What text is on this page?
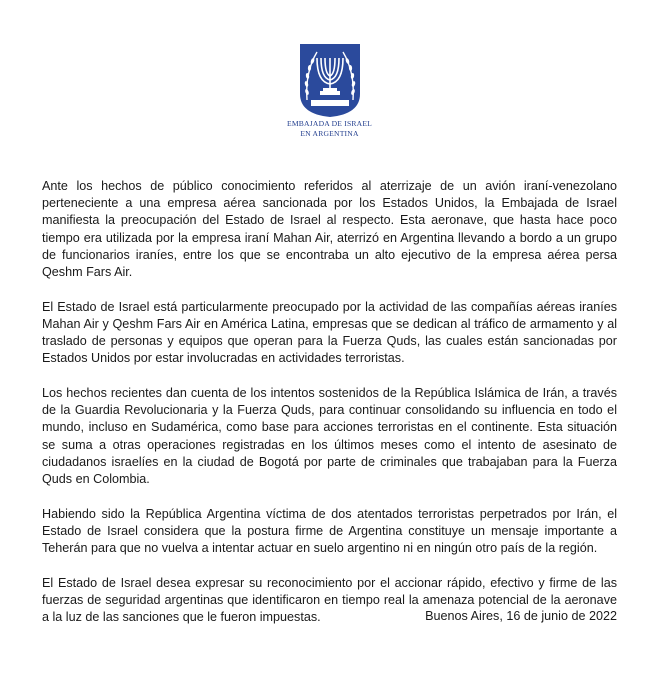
EMBAJADA DE ISRAEL
EN ARGENTINA

Ante los hechos de público conocimiento referidos al aterrizaje de un avión iraní-venezolano perteneciente a una empresa aérea sancionada por los Estados Unidos, la Embajada de Israel manifiesta la preocupación del Estado de Israel al respecto. Esta aeronave, que hasta hace poco tiempo era utilizada por la empresa iraní Mahan Air, aterrizó en Argentina llevando a bordo a un grupo de funcionarios iraníes, entre los que se encontraba un alto ejecutivo de la empresa aérea persa Qeshm Fars Air.

El Estado de Israel está particularmente preocupado por la actividad de las compañías aéreas iraníes Mahan Air y Qeshm Fars Air en América Latina, empresas que se dedican al tráfico de armamento y al traslado de personas y equipos que operan para la Fuerza Quds, las cuales están sancionadas por Estados Unidos por estar involucradas en actividades terroristas.

Los hechos recientes dan cuenta de los intentos sostenidos de la República Islámica de Irán, a través de la Guardia Revolucionaria y la Fuerza Quds, para continuar consolidando su influencia en todo el mundo, incluso en Sudamérica, como base para acciones terroristas en el continente. Esta situación se suma a otras operaciones registradas en los últimos meses como el intento de asesinato de ciudadanos israelíes en la ciudad de Bogotá por parte de criminales que trabajaban para la Fuerza Quds en Colombia.

Habiendo sido la República Argentina víctima de dos atentados terroristas perpetrados por Irán, el Estado de Israel considera que la postura firme de Argentina constituye un mensaje importante a Teherán para que no vuelva a intentar actuar en suelo argentino ni en ningún otro país de la región.

El Estado de Israel desea expresar su reconocimiento por el accionar rápido, efectivo y firme de las fuerzas de seguridad argentinas que identificaron en tiempo real la amenaza potencial de la aeronave a la luz de las sanciones que le fueron impuestas.	Buenos Aires, 16 de junio de 2022
